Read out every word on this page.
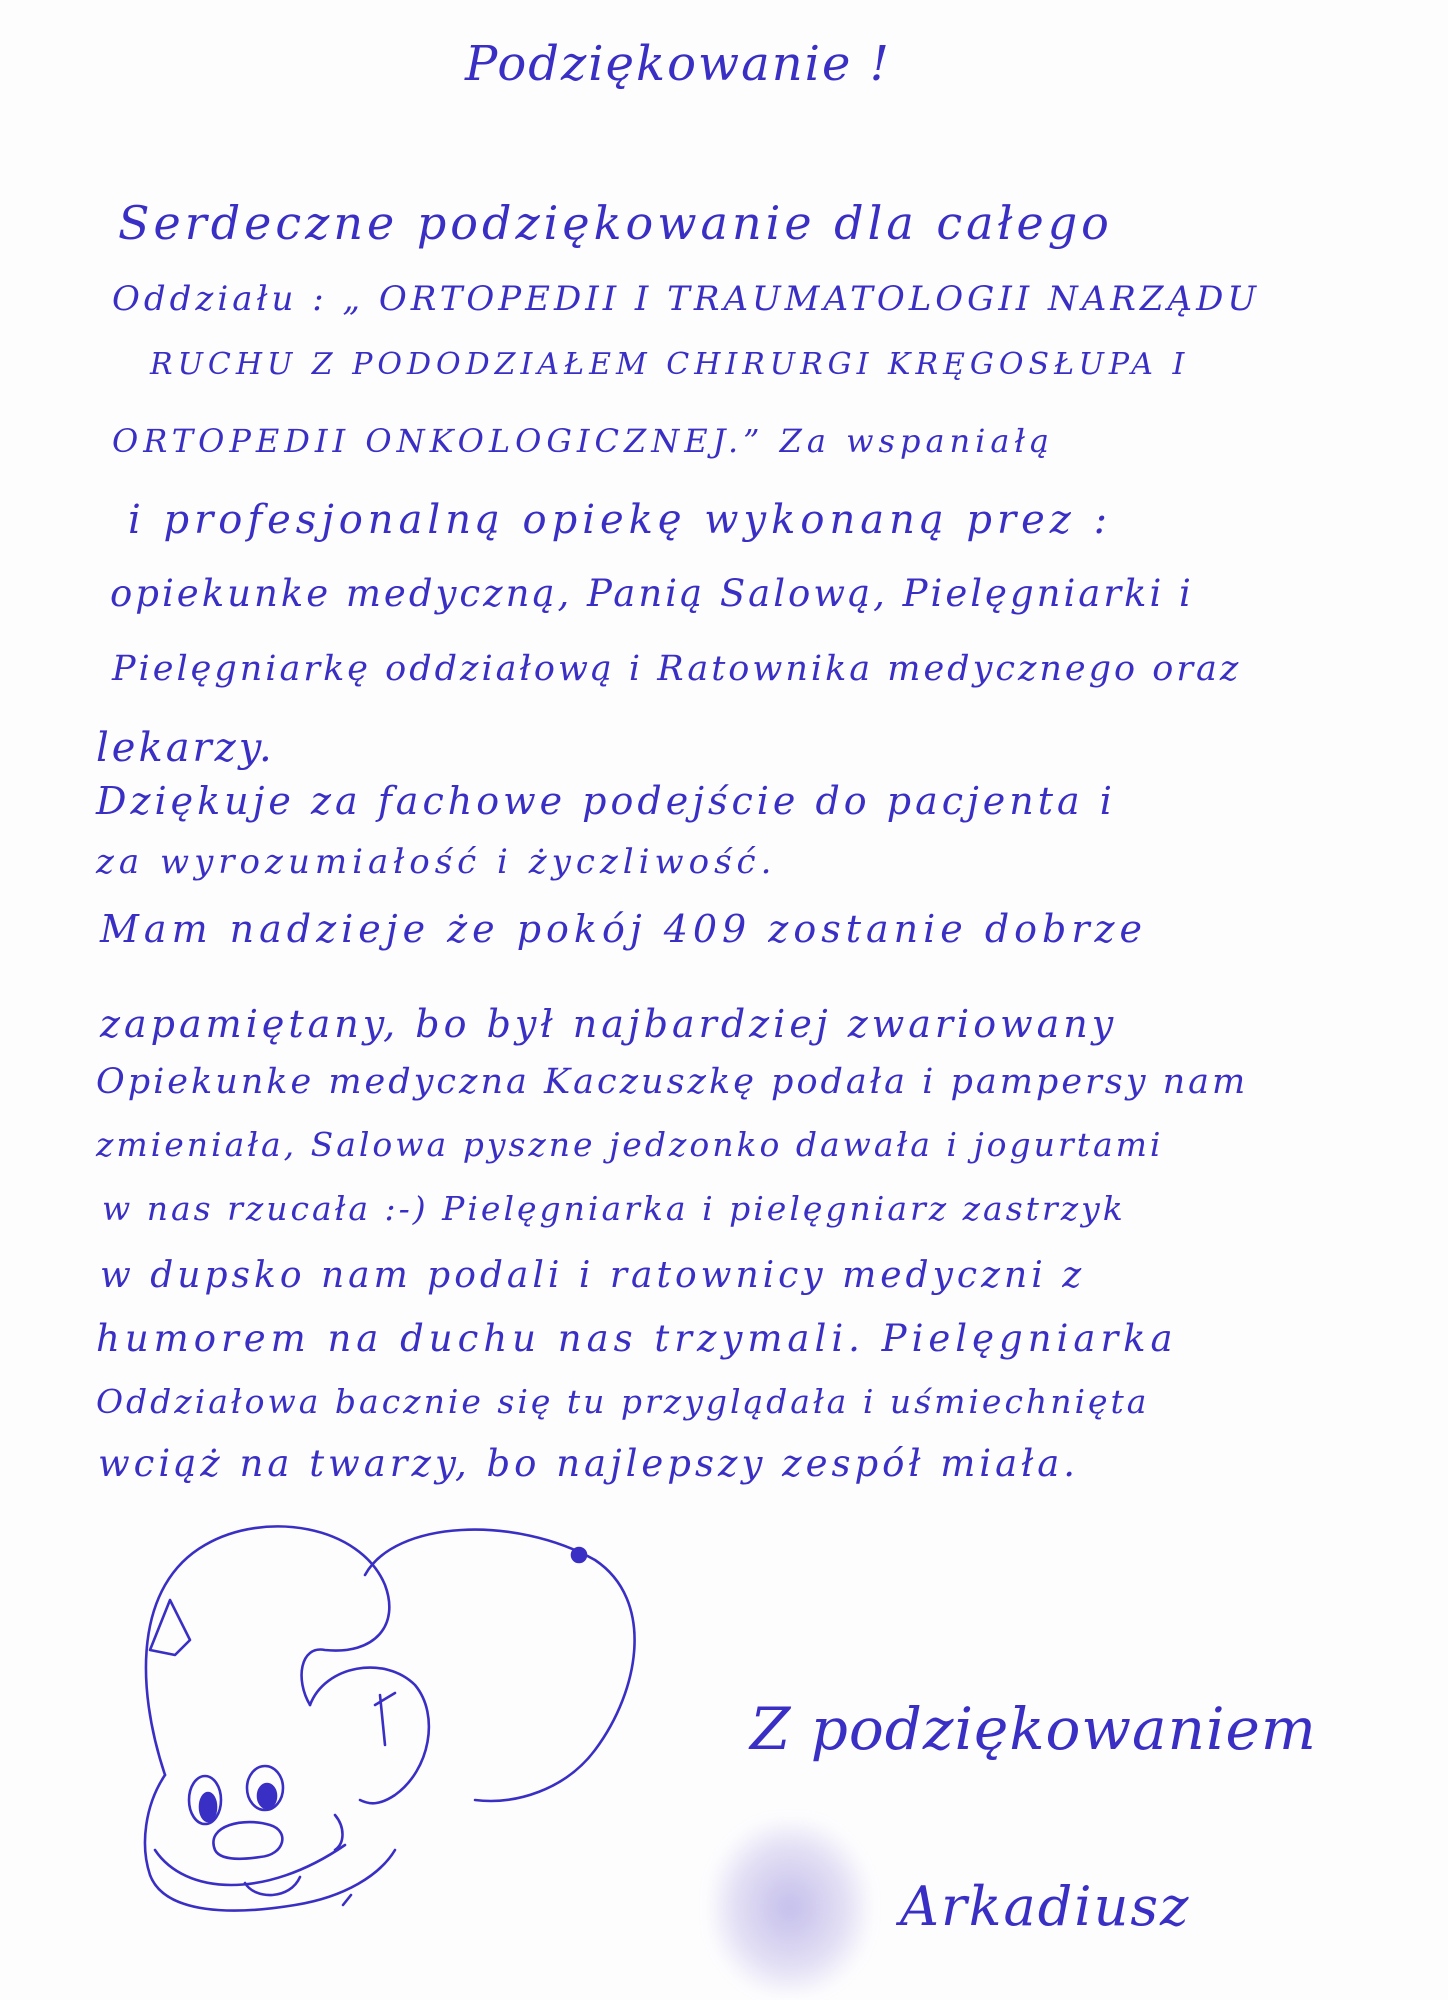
Podziękowanie !
Serdeczne podziękowanie dla całego
Oddziału : „ ORTOPEDII I TRAUMATOLOGII NARZĄDU
RUCHU Z PODODZIAŁEM CHIRURGI KRĘGOSŁUPA I
ORTOPEDII ONKOLOGICZNEJ.” Za wspaniałą
i profesjonalną opiekę wykonaną prez :
opiekunke medyczną, Panią Salową, Pielęgniarki i
Pielęgniarkę oddziałową i Ratownika medycznego oraz
lekarzy.
Dziękuje za fachowe podejście do pacjenta i
za wyrozumiałość i życzliwość.
Mam nadzieje że pokój 409 zostanie dobrze
zapamiętany, bo był najbardziej zwariowany
Opiekunke medyczna Kaczuszkę podała i pampersy nam
zmieniała, Salowa pyszne jedzonko dawała i jogurtami
w nas rzucała :-) Pielęgniarka i pielęgniarz zastrzyk
w dupsko nam podali i ratownicy medyczni z
humorem na duchu nas trzymali. Pielęgniarka
Oddziałowa bacznie się tu przyglądała i uśmiechnięta
wciąż na twarzy, bo najlepszy zespół miała.
Z podziękowaniem
Arkadiusz
